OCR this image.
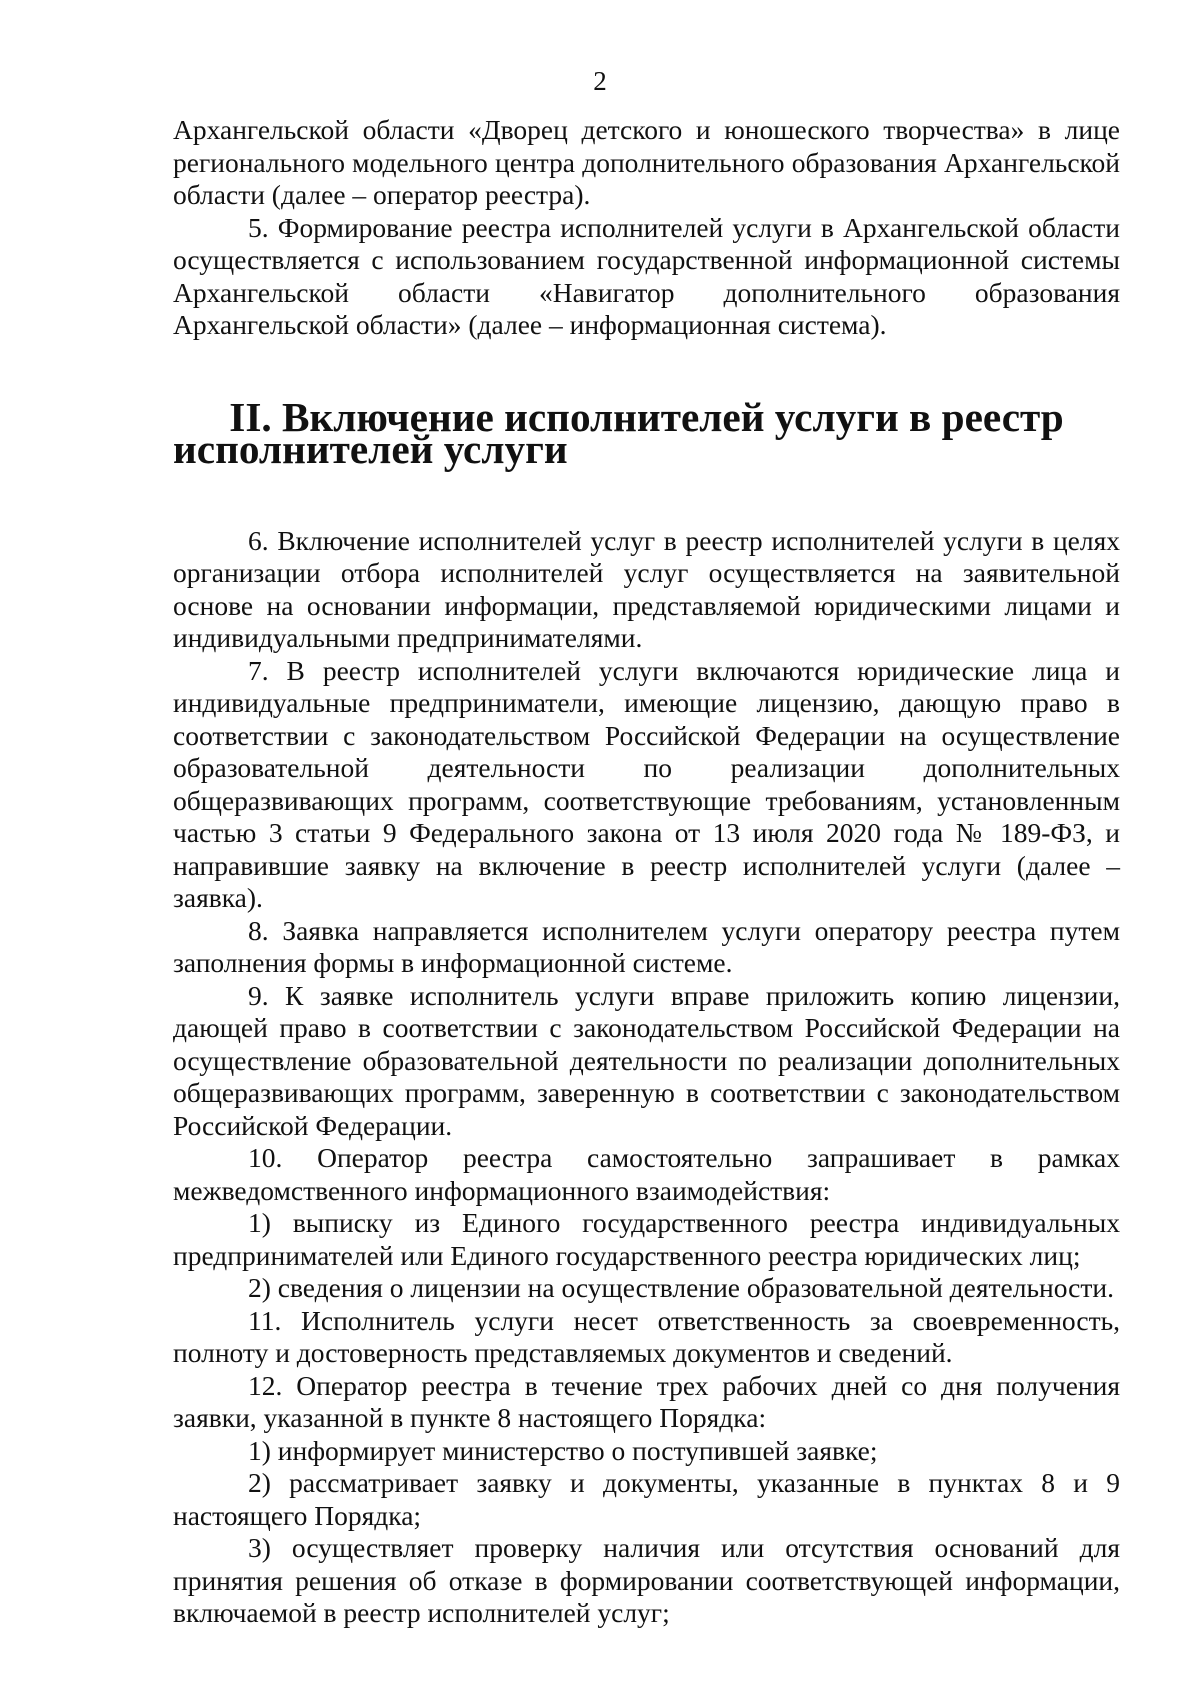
2

Архангельской области «Дворец детского и юношеского творчества» в лице регионального модельного центра дополнительного образования Архангельской области (далее – оператор реестра).

5. Формирование реестра исполнителей услуги в Архангельской области осуществляется с использованием государственной информационной системы Архангельской области «Навигатор дополнительного образования Архангельской области» (далее – информационная система).

II. Включение исполнителей услуги в реестр исполнителей услуги

6. Включение исполнителей услуг в реестр исполнителей услуги в целях организации отбора исполнителей услуг осуществляется на заявительной основе на основании информации, представляемой юридическими лицами и индивидуальными предпринимателями.

7. В реестр исполнителей услуги включаются юридические лица и индивидуальные предприниматели, имеющие лицензию, дающую право в соответствии с законодательством Российской Федерации на осуществление образовательной деятельности по реализации дополнительных общеразвивающих программ, соответствующие требованиям, установленным частью 3 статьи 9 Федерального закона от 13 июля 2020 года № 189-ФЗ, и направившие заявку на включение в реестр исполнителей услуги (далее – заявка).

8. Заявка направляется исполнителем услуги оператору реестра путем заполнения формы в информационной системе.

9. К заявке исполнитель услуги вправе приложить копию лицензии, дающей право в соответствии с законодательством Российской Федерации на осуществление образовательной деятельности по реализации дополнительных общеразвивающих программ, заверенную в соответствии с законодательством Российской Федерации.

10. Оператор реестра самостоятельно запрашивает в рамках межведомственного информационного взаимодействия:

1) выписку из Единого государственного реестра индивидуальных предпринимателей или Единого государственного реестра юридических лиц;

2) сведения о лицензии на осуществление образовательной деятельности.

11. Исполнитель услуги несет ответственность за своевременность, полноту и достоверность представляемых документов и сведений.

12. Оператор реестра в течение трех рабочих дней со дня получения заявки, указанной в пункте 8 настоящего Порядка:

1) информирует министерство о поступившей заявке;

2) рассматривает заявку и документы, указанные в пунктах 8 и 9 настоящего Порядка;

3) осуществляет проверку наличия или отсутствия оснований для принятия решения об отказе в формировании соответствующей информации, включаемой в реестр исполнителей услуг;
